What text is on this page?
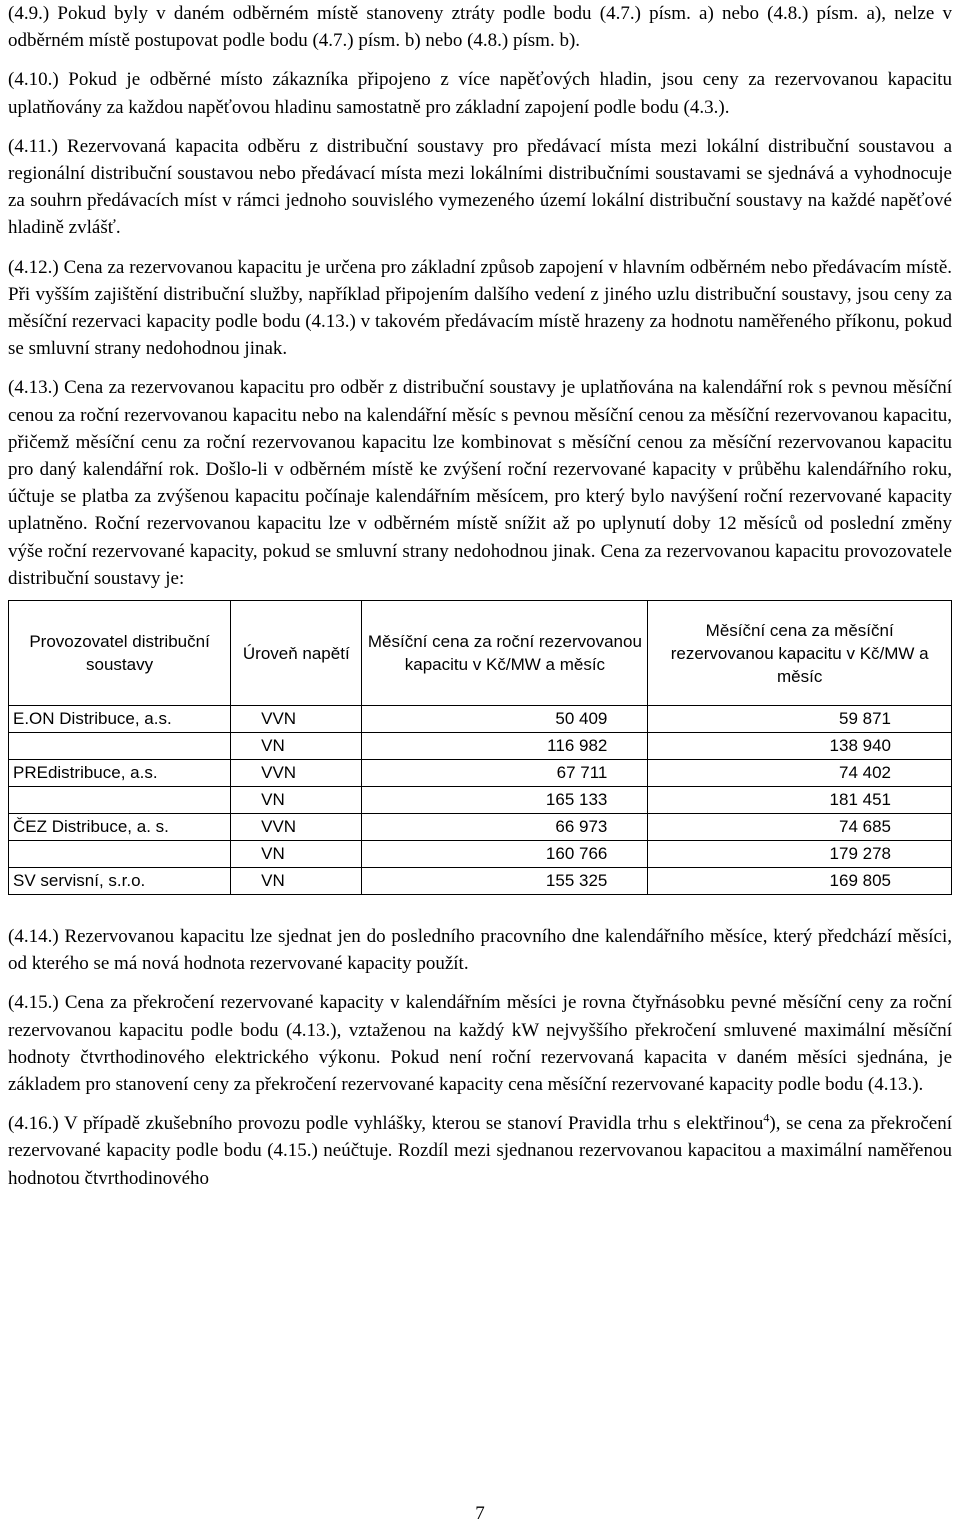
(4.9.) Pokud byly v daném odběrném místě stanoveny ztráty podle bodu (4.7.) písm. a) nebo (4.8.) písm. a), nelze v odběrném místě postupovat podle bodu (4.7.) písm. b) nebo (4.8.) písm. b).

(4.10.) Pokud je odběrné místo zákazníka připojeno z více napěťových hladin, jsou ceny za rezervovanou kapacitu uplatňovány za každou napěťovou hladinu samostatně pro základní zapojení podle bodu (4.3.).

(4.11.) Rezervovaná kapacita odběru z distribuční soustavy pro předávací místa mezi lokální distribuční soustavou a regionální distribuční soustavou nebo předávací místa mezi lokálními distribučními soustavami se sjednává a vyhodnocuje za souhrn předávacích míst v rámci jednoho souvislého vymezeného území lokální distribuční soustavy na každé napěťové hladině zvlášť.

(4.12.) Cena za rezervovanou kapacitu je určena pro základní způsob zapojení v hlavním odběrném nebo předávacím místě. Při vyšším zajištění distribuční služby, například připojením dalšího vedení z jiného uzlu distribuční soustavy, jsou ceny za měsíční rezervaci kapacity podle bodu (4.13.) v takovém předávacím místě hrazeny za hodnotu naměřeného příkonu, pokud se smluvní strany nedohodnou jinak.

(4.13.) Cena za rezervovanou kapacitu pro odběr z distribuční soustavy je uplatňována na kalendářní rok s pevnou měsíční cenou za roční rezervovanou kapacitu nebo na kalendářní měsíc s pevnou měsíční cenou za měsíční rezervovanou kapacitu, přičemž měsíční cenu za roční rezervovanou kapacitu lze kombinovat s měsíční cenou za měsíční rezervovanou kapacitu pro daný kalendářní rok. Došlo-li v odběrném místě ke zvýšení roční rezervované kapacity v průběhu kalendářního roku, účtuje se platba za zvýšenou kapacitu počínaje kalendářním měsícem, pro který bylo navýšení roční rezervované kapacity uplatněno. Roční rezervovanou kapacitu lze v odběrném místě snížit až po uplynutí doby 12 měsíců od poslední změny výše roční rezervované kapacity, pokud se smluvní strany nedohodnou jinak. Cena za rezervovanou kapacitu provozovatele distribuční soustavy je:

Provozovatel distribuční soustavy	Úroveň napětí	Měsíční cena za roční rezervovanou kapacitu v Kč/MW a měsíc	Měsíční cena za měsíční rezervovanou kapacitu v Kč/MW a měsíc
E.ON Distribuce, a.s.	VVN	50 409	59 871
	VN	116 982	138 940
PREdistribuce, a.s.	VVN	67 711	74 402
	VN	165 133	181 451
ČEZ Distribuce, a. s.	VVN	66 973	74 685
	VN	160 766	179 278
SV servisní, s.r.o.	VN	155 325	169 805

(4.14.) Rezervovanou kapacitu lze sjednat jen do posledního pracovního dne kalendářního měsíce, který předchází měsíci, od kterého se má nová hodnota rezervované kapacity použít.

(4.15.) Cena za překročení rezervované kapacity v kalendářním měsíci je rovna čtyřnásobku pevné měsíční ceny za roční rezervovanou kapacitu podle bodu (4.13.), vztaženou na každý kW nejvyššího překročení smluvené maximální měsíční hodnoty čtvrthodinového elektrického výkonu. Pokud není roční rezervovaná kapacita v daném měsíci sjednána, je základem pro stanovení ceny za překročení rezervované kapacity cena měsíční rezervované kapacity podle bodu (4.13.).

(4.16.) V případě zkušebního provozu podle vyhlášky, kterou se stanoví Pravidla trhu s elektřinou$^4$), se cena za překročení rezervované kapacity podle bodu (4.15.) neúčtuje. Rozdíl mezi sjednanou rezervovanou kapacitou a maximální naměřenou hodnotou čtvrthodinového

7
